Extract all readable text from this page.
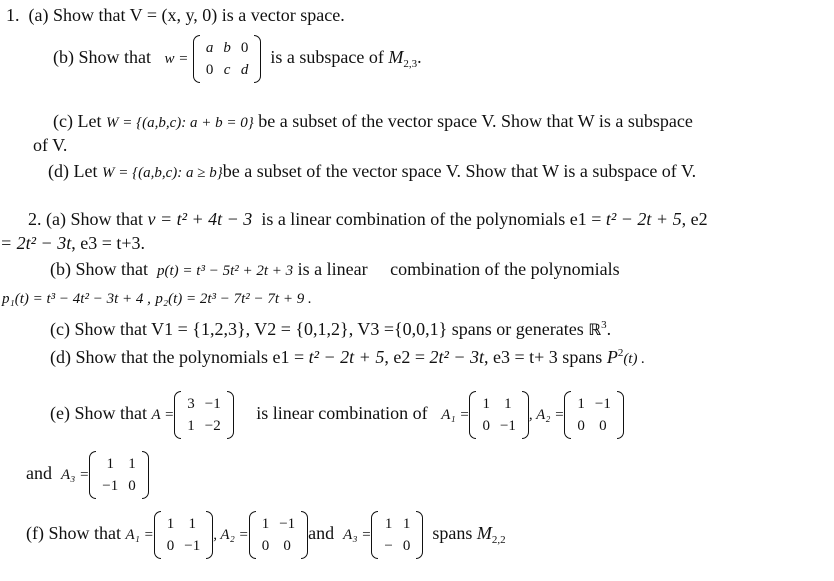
1. (a) Show that V = (x, y, 0) is a vector space.
(b) Show that w =
a	b	0
0	c	d
is a subspace of $M_{2,3}$.
(c) Let W = {(a,b,c): a + b = 0} be a subset of the vector space V. Show that W is a subspace
of V.
(d) Let W = {(a,b,c): a ≥ b}be a subset of the vector space V. Show that W is a subspace of V.
2. (a) Show that v = t² + 4t − 3 is a linear combination of the polynomials e1 = t² − 2t + 5, e2
= 2t² − 3t, e3 = t+3.
(b) Show that p(t) = t³ − 5t² + 2t + 3 is a linear combination of the polynomials
p₁(t) = t³ − 4t² − 3t + 4 , p₂(t) = 2t³ − 7t² − 7t + 9 .
(c) Show that V1 = {1,2,3}, V2 = {0,1,2}, V3 ={0,0,1} spans or generates ℝ$^3$.
(d) Show that the polynomials e1 = t² − 2t + 5, e2 = 2t² − 3t, e3 = t+ 3 spans $P^2(t)$ .
(e) Show that A =
3	−1
1	−2
is linear combination of A₁ =
1	1
0	−1
, A₂ =
1	−1
0	0
and A₃ =
1	1
−1	0
(f) Show that A₁ =
1	1
0	−1
, A₂ =
1	−1
0	0
and A₃ =
1	1
−	0
spans $M_{2,2}$
